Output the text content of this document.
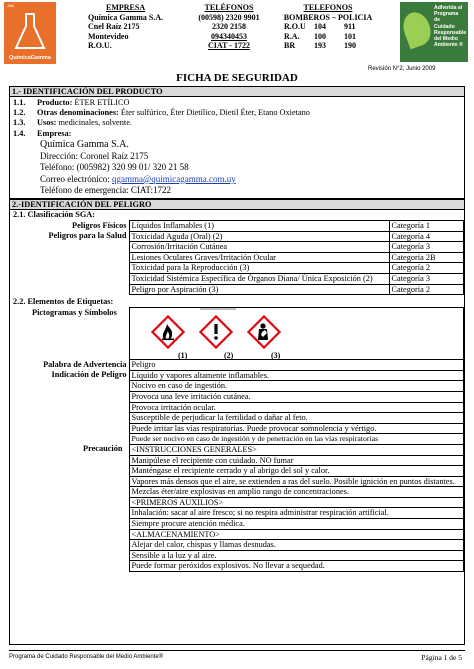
JMA
QuímicaGamma
EMPRESA
Química Gamma S.A.
Cnel Raíz 2175
Montevideo
R.O.U.
TELÉFONOS
(00598) 2320 9901
2320 2158
094340453
CIAT - 1722
TELEFONOS
BOMBEROS – POLICIA
R.O.U	104	911
R.A.	100	101
BR	193	190
Adherida al
Programa de
Cuidado
Responsable
del Medio
Ambiente ®
Revisión N°2, Junio 2009
FICHA DE SEGURIDAD
1.- IDENTIFICACIÓN DEL PRODUCTO
1.1.	Producto: ÉTER ETÍLICO
1.2.	Otras denominaciones: Éter sulfúrico, Éter Dietílico, Dietil Éter, Etano Oxietano
1.3.	Usos: medicinales, solvente.
1.4.	Empresa:
Química Gamma S.A.
Dirección: Coronel Raíz 2175
Teléfono: (005982) 320 99 01/ 320 21 58
Correo electrónico: qgamma@quimicagamma.com.uy
Teléfono de emergencia: CIAT:1722
2.-IDENTIFICACIÓN DEL PELIGRO
2.1. Clasificación SGA:
Peligros Físicos	Líquidos Inflamables (1)	Categoría 1
Peligros para la Salud	Toxicidad Aguda (Oral) (2)	Categoría 4
	Corrosión/Irritación Cutánea	Categoría 3
	Lesiones Oculares Graves/Irritación Ocular	Categoría 2B
	Toxicidad para la Reproducción (3)	Categoría 2
	Toxicidad Sistémica Específica de Órganos Diana/ Única Exposición (2)	Categoría 3
	Peligro por Aspiración (3)	Categoría 2
2.2. Elementos de Etiquetas:
Pictogramas y Símbolos	(1) (2) (3)

Palabra de Advertencia	Peligro
Indicación de Peligro	Líquido y vapores altamente inflamables.
	Nocivo en caso de ingestión.
	Provoca una leve irritación cutánea.
	Provoca irritación ocular.
	Susceptible de perjudicar la fertilidad o dañar al feto.
	Puede irritar las vías respiratorias. Puede provocar somnolencia y vértigo.
	Puede ser nocivo en caso de ingestión y de penetración en las vías respiratorias
Precaución	<INSTRUCCIONES GENERALES>
	Manipúlese el recipiente con cuidado. NO fumar
	Manténgase el recipiente cerrado y al abrigo del sol y calor.
	Vapores más densos que el aire, se extienden a ras del suelo. Posible ignición en puntos distantes.
	Mezclas éter/aire explosivas en amplio rango de concentraciones.
	<PRIMEROS AUXILIOS>
	Inhalación: sacar al aire fresco; si no respira administrar respiración artificial.
	Siempre procure atención médica.
	<ALMACENAMIENTO>
	Alejar del calor, chispas y llamas desnudas.
	Sensible a la luz y al aire.
	Puede formar peróxidos explosivos. No llevar a sequedad.
Programa de Cuidado Responsable del Medio Ambiente®	Página 1 de 5
